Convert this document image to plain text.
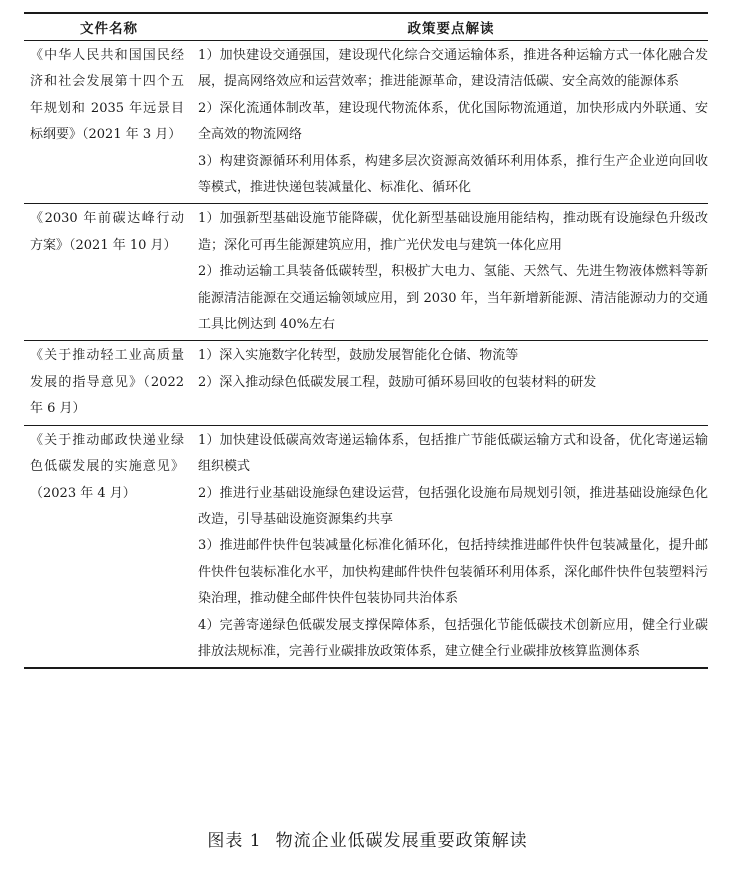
文件名称	政策要点解读
《中华人民共和国国民经济和社会发展第十四个五年规划和 2035 年远景目标纲要》（2021 年 3 月）	1）加快建设交通强国，建设现代化综合交通运输体系，推进各种运输方式一体化融合发展，提高网络效应和运营效率；推进能源革命，建设清洁低碳、安全高效的能源体系
2）深化流通体制改革，建设现代物流体系，优化国际物流通道，加快形成内外联通、安全高效的物流网络
3）构建资源循环利用体系，构建多层次资源高效循环利用体系，推行生产企业逆向回收等模式，推进快递包装减量化、标准化、循环化

《2030 年前碳达峰行动方案》（2021 年 10 月）	1）加强新型基础设施节能降碳，优化新型基础设施用能结构，推动既有设施绿色升级改造；深化可再生能源建筑应用，推广光伏发电与建筑一体化应用
2）推动运输工具装备低碳转型，积极扩大电力、氢能、天然气、先进生物液体燃料等新能源清洁能源在交通运输领域应用，到 2030 年，当年新增新能源、清洁能源动力的交通工具比例达到 40%左右

《关于推动轻工业高质量发展的指导意见》（2022 年 6 月）	1）深入实施数字化转型，鼓励发展智能化仓储、物流等
2）深入推动绿色低碳发展工程，鼓励可循环易回收的包装材料的研发

《关于推动邮政快递业绿色低碳发展的实施意见》（2023 年 4 月）	1）加快建设低碳高效寄递运输体系，包括推广节能低碳运输方式和设备，优化寄递运输组织模式
2）推进行业基础设施绿色建设运营，包括强化设施布局规划引领，推进基础设施绿色化改造，引导基础设施资源集约共享
3）推进邮件快件包装减量化标准化循环化，包括持续推进邮件快件包装减量化，提升邮件快件包装标准化水平，加快构建邮件快件包装循环利用体系，深化邮件快件包装塑料污染治理，推动健全邮件快件包装协同共治体系
4）完善寄递绿色低碳发展支撑保障体系，包括强化节能低碳技术创新应用，健全行业碳排放法规标准，完善行业碳排放政策体系，建立健全行业碳排放核算监测体系
图表 1 物流企业低碳发展重要政策解读
